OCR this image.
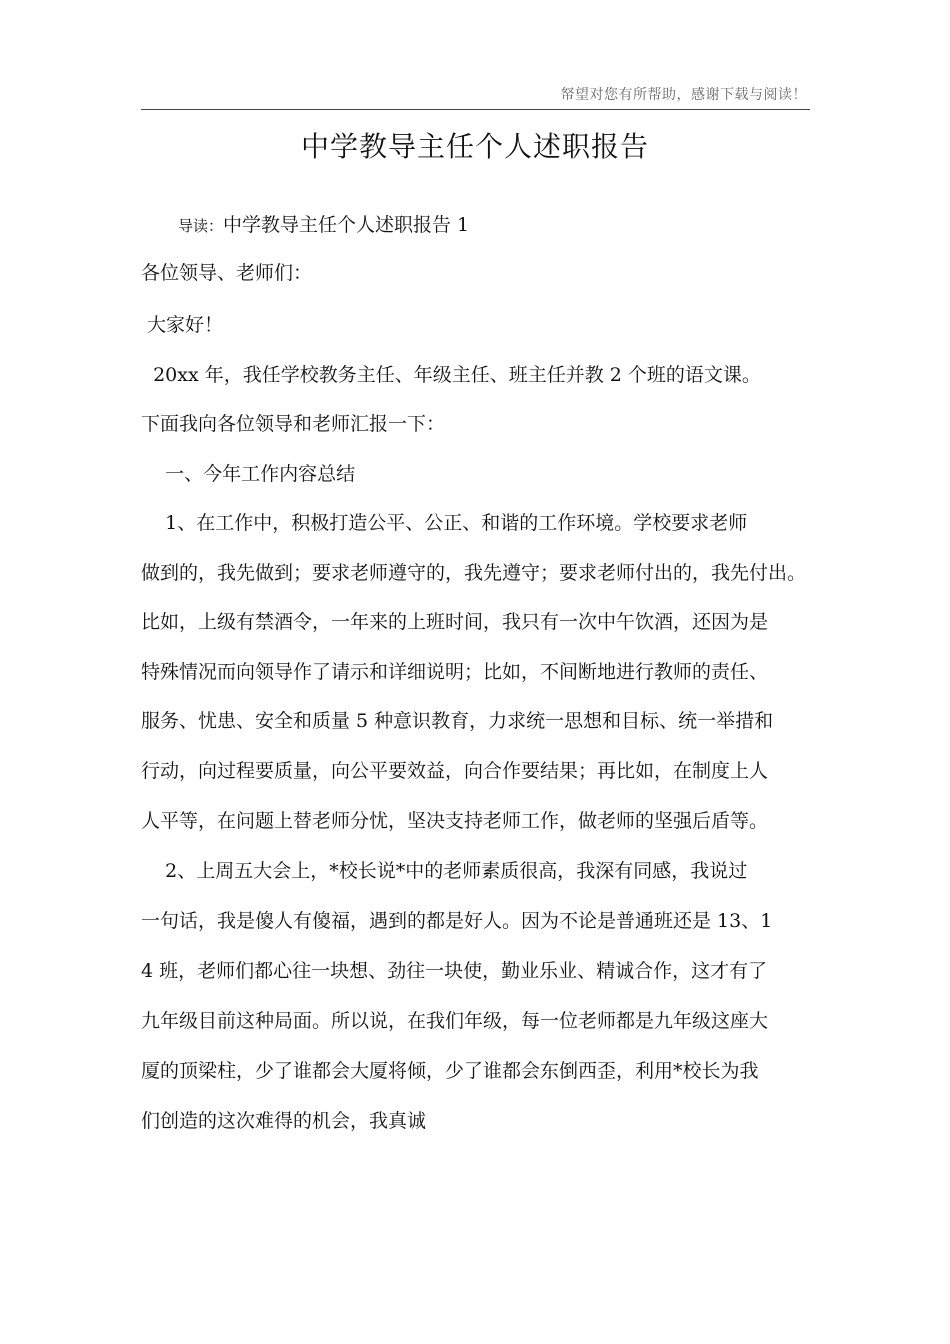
帑望对您有所帮助，感谢下载与阅读！
中学教导主任个人述职报告
导读：中学教导主任个人述职报告 1
各位领导、老师们：
大家好！
20xx 年，我任学校教务主任、年级主任、班主任并教 2 个班的语文课。
下面我向各位领导和老师汇报一下：
一、今年工作内容总结
1、在工作中，积极打造公平、公正、和谐的工作环境。学校要求老师
做到的，我先做到；要求老师遵守的，我先遵守；要求老师付出的，我先付出。
比如，上级有禁酒令，一年来的上班时间，我只有一次中午饮酒，还因为是
特殊情况而向领导作了请示和详细说明；比如，不间断地进行教师的责任、
服务、忧患、安全和质量 5 种意识教育，力求统一思想和目标、统一举措和
行动，向过程要质量，向公平要效益，向合作要结果；再比如，在制度上人
人平等，在问题上替老师分忧，坚决支持老师工作，做老师的坚强后盾等。
2、上周五大会上，*校长说*中的老师素质很高，我深有同感，我说过
一句话，我是傻人有傻福，遇到的都是好人。因为不论是普通班还是 13、1
4 班，老师们都心往一块想、劲往一块使，勤业乐业、精诚合作，这才有了
九年级目前这种局面。所以说，在我们年级，每一位老师都是九年级这座大
厦的顶梁柱，少了谁都会大厦将倾，少了谁都会东倒西歪，利用*校长为我
们创造的这次难得的机会，我真诚
